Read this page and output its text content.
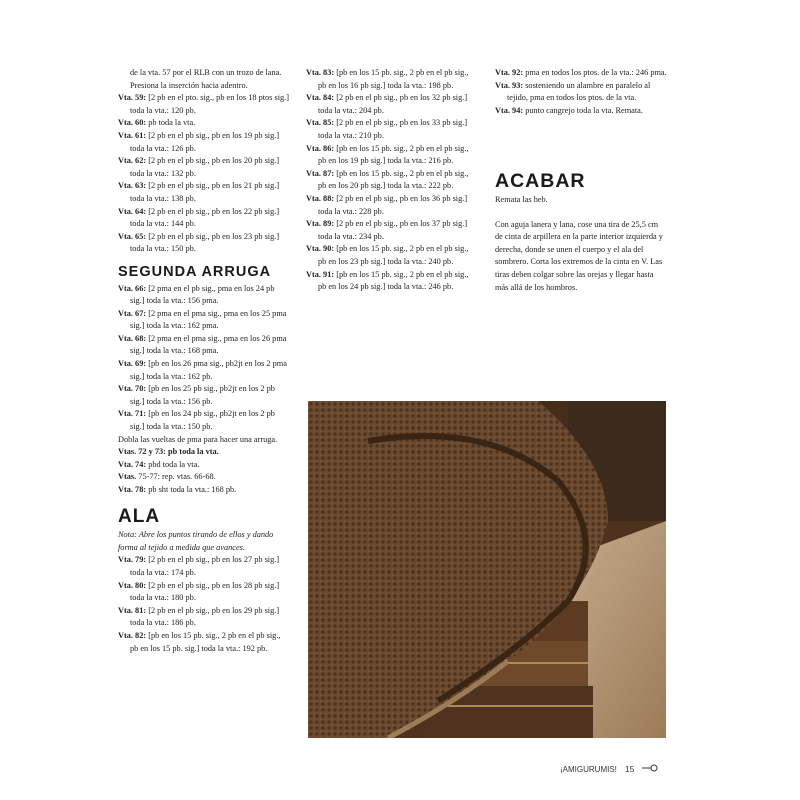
de la vta. 57 por el RLB con un trozo de lana. Presiona la inserción hacia adentro.

Vta. 59: [2 pb en el pto. sig., pb en los 18 ptos sig.] toda la vta.: 120 pb.

Vta. 60: pb toda la vta.

Vta. 61: [2 pb en el pb sig., pb en los 19 pb sig.] toda la vta.: 126 pb.

Vta. 62: [2 pb en el pb sig., pb en los 20 pb sig.] toda la vta.: 132 pb.

Vta. 63: [2 pb en el pb sig., pb en los 21 pb sig.] toda la vta.: 138 pb.

Vta. 64: [2 pb en el pb sig., pb en los 22 pb sig.] toda la vta.: 144 pb.

Vta. 65: [2 pb en el pb sig., pb en los 23 pb sig.] toda la vta.: 150 pb.

SEGUNDA ARRUGA

Vta. 66: [2 pma en el pb sig., pma en los 24 pb sig.] toda la vta.: 156 pma.

Vta. 67: [2 pma en el pma sig., pma en los 25 pma sig.] toda la vta.: 162 pma.

Vta. 68: [2 pma en el pma sig., pma en los 26 pma sig.] toda la vta.: 168 pma.

Vta. 69: [pb en los 26 pma sig., pb2jt en los 2 pma sig.] toda la vta.: 162 pb.

Vta. 70: [pb en los 25 pb sig., pb2jt en los 2 pb sig.] toda la vta.: 156 pb.

Vta. 71: [pb en los 24 pb sig., pb2jt en los 2 pb sig.] toda la vta.: 150 pb.

Dobla las vueltas de pma para hacer una arruga.

Vtas. 72 y 73: pb toda la vta.

Vta. 74: pbd toda la vta.

Vtas. 75-77: rep. vtas. 66-68.

Vta. 78: pb sht toda la vta.: 168 pb.

ALA

Nota: Abre los puntos tirando de ellos y dando forma al tejido a medida que avances.

Vta. 79: [2 pb en el pb sig., pb en los 27 pb sig.] toda la vta.: 174 pb.

Vta. 80: [2 pb en el pb sig., pb en los 28 pb sig.] toda la vta.: 180 pb.

Vta. 81: [2 pb en el pb sig., pb en los 29 pb sig.] toda la vta.: 186 pb.

Vta. 82: [pb en los 15 pb. sig., 2 pb en el pb sig., pb en los 15 pb. sig.] toda la vta.: 192 pb.

Vta. 83: [pb en los 15 pb. sig., 2 pb en el pb sig., pb en los 16 pb sig.] toda la vta.: 198 pb.

Vta. 84: [2 pb en el pb sig., pb en los 32 pb sig.] toda la vta.: 204 pb.

Vta. 85: [2 pb en el pb sig., pb en los 33 pb sig.] toda la vta.: 210 pb.

Vta. 86: [pb en los 15 pb. sig., 2 pb en el pb sig., pb en los 19 pb sig.] toda la vta.: 216 pb.

Vta. 87: [pb en los 15 pb. sig., 2 pb en el pb sig., pb en los 20 pb sig.] toda la vta.: 222 pb.

Vta. 88: [2 pb en el pb sig., pb en los 36 pb sig.] toda la vta.: 228 pb.

Vta. 89: [2 pb en el pb sig., pb en los 37 pb sig.] toda la vta.: 234 pb.

Vta. 90: [pb en los 15 pb. sig., 2 pb en el pb sig., pb en los 23 pb sig.] toda la vta.: 240 pb.

Vta. 91: [pb en los 15 pb. sig., 2 pb en el pb sig., pb en los 24 pb sig.] toda la vta.: 246 pb.

Vta. 92: pma en todos los ptos. de la vta.: 246 pma.

Vta. 93: sosteniendo un alambre en paralelo al tejido, pma en todos los ptos. de la vta.

Vta. 94: punto cangrejo toda la vta. Remata.

ACABAR

Remata las heb.

Con aguja lanera y lana, cose una tira de 25,5 cm de cinta de arpillera en la parte interior izquierda y derecha, donde se unen el cuerpo y el ala del sombrero. Corta los extremos de la cinta en V. Las tiras deben colgar sobre las orejas y llegar hasta más allá de los hombros.

¡AMIGURUMIS! 15
